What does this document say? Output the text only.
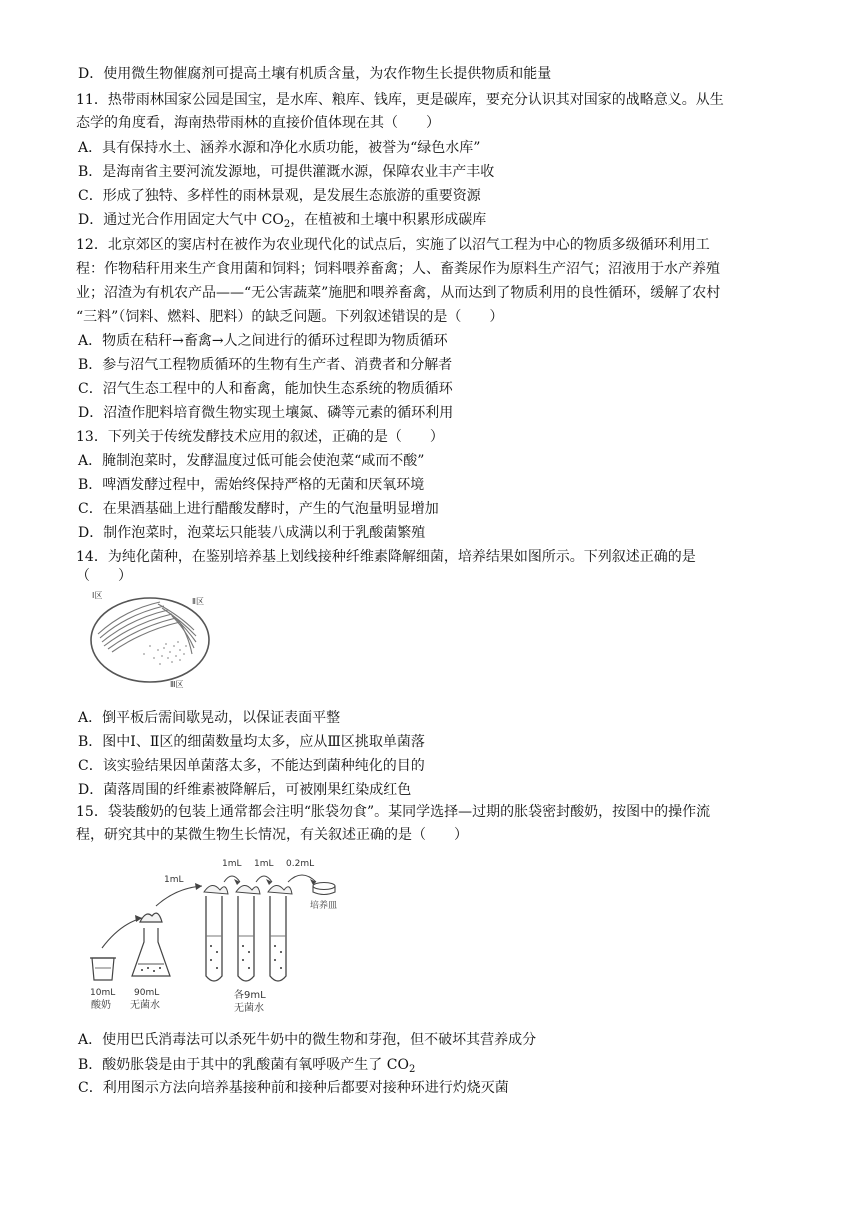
D．使用微生物催腐剂可提高土壤有机质含量，为农作物生长提供物质和能量
11．热带雨林国家公园是国宝，是水库、粮库、钱库，更是碳库，要充分认识其对国家的战略意义。从生
态学的角度看，海南热带雨林的直接价值体现在其（　　）
A．具有保持水土、涵养水源和净化水质功能，被誉为“绿色水库”
B．是海南省主要河流发源地，可提供灌溉水源，保障农业丰产丰收
C．形成了独特、多样性的雨林景观，是发展生态旅游的重要资源
D．通过光合作用固定大气中 $CO_2$，在植被和土壤中积累形成碳库
12．北京郊区的窦店村在被作为农业现代化的试点后，实施了以沼气工程为中心的物质多级循环利用工
程：作物秸秆用来生产食用菌和饲料；饲料喂养畜禽；人、畜粪尿作为原料生产沼气；沼液用于水产养殖
业；沼渣为有机农产品——“无公害蔬菜”施肥和喂养畜禽，从而达到了物质利用的良性循环，缓解了农村
“三料”（饲料、燃料、肥料）的缺乏问题。下列叙述错误的是（　　）
A．物质在秸秆→畜禽→人之间进行的循环过程即为物质循环
B．参与沼气工程物质循环的生物有生产者、消费者和分解者
C．沼气生态工程中的人和畜禽，能加快生态系统的物质循环
D．沼渣作肥料培育微生物实现土壤氮、磷等元素的循环利用
13．下列关于传统发酵技术应用的叙述，正确的是（　　）
A．腌制泡菜时，发酵温度过低可能会使泡菜“咸而不酸”
B．啤酒发酵过程中，需始终保持严格的无菌和厌氧环境
C．在果酒基础上进行醋酸发酵时，产生的气泡量明显增加
D．制作泡菜时，泡菜坛只能装八成满以利于乳酸菌繁殖
14．为纯化菌种，在鉴别培养基上划线接种纤维素降解细菌，培养结果如图所示。下列叙述正确的是
（　　）
Ⅰ区
Ⅱ区
Ⅲ区
A．倒平板后需间歇晃动，以保证表面平整
B．图中Ⅰ、Ⅱ区的细菌数量均太多，应从Ⅲ区挑取单菌落
C．该实验结果因单菌落太多，不能达到菌种纯化的目的
D．菌落周围的纤维素被降解后，可被刚果红染成红色
15．袋装酸奶的包装上通常都会注明“胀袋勿食”。某同学选择—过期的胀袋密封酸奶，按图中的操作流
程，研究其中的某微生物生长情况，有关叙述正确的是（　　）
10mL
酸奶
90mL
无菌水
1mL
1mL 1mL 0.2mL
培养皿
各9mL
无菌水
A．使用巴氏消毒法可以杀死牛奶中的微生物和芽孢，但不破坏其营养成分
B．酸奶胀袋是由于其中的乳酸菌有氧呼吸产生了 $CO_2$
C．利用图示方法向培养基接种前和接种后都要对接种环进行灼烧灭菌
